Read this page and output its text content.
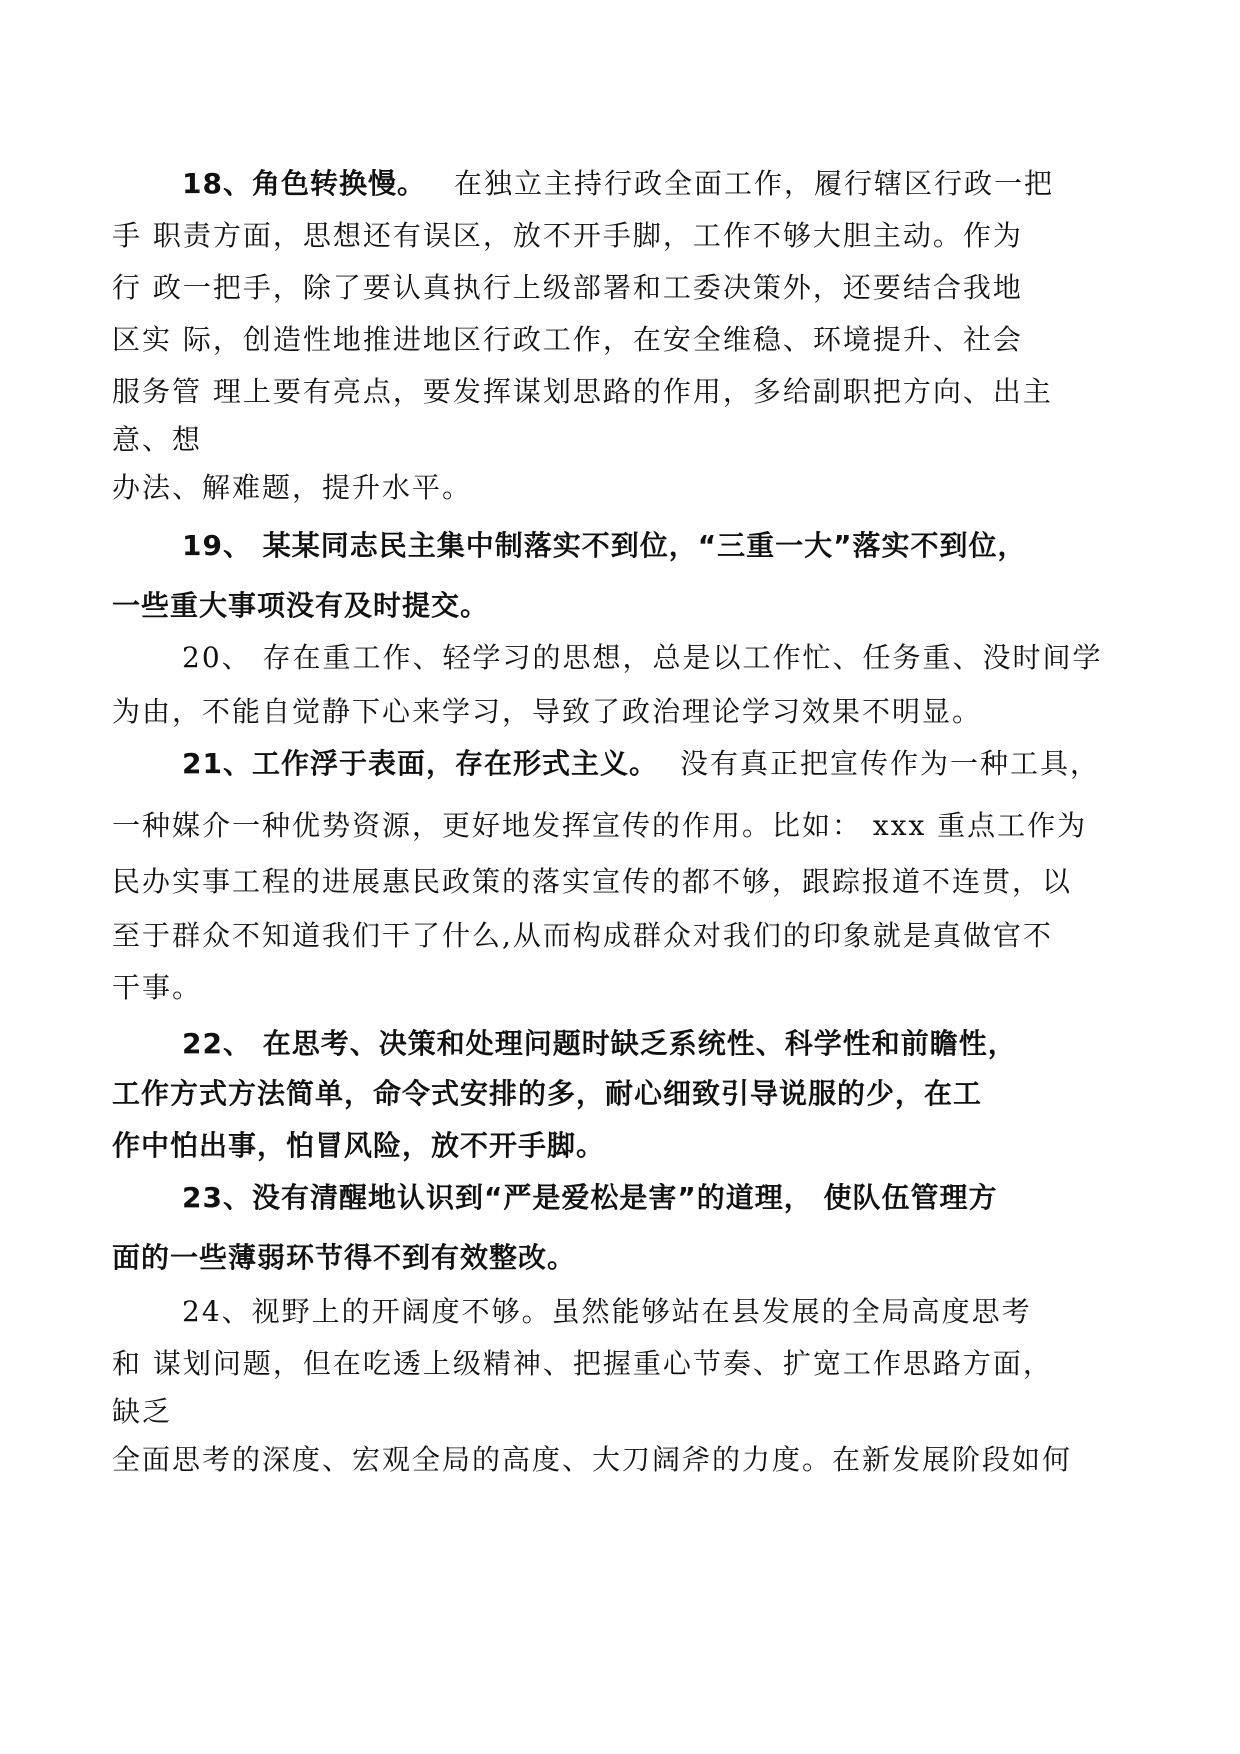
18、角色转换慢。 在独立主持行政全面工作，履行辖区行政一把
手 职责方面，思想还有误区，放不开手脚，工作不够大胆主动。作为
行 政一把手，除了要认真执行上级部署和工委决策外，还要结合我地
区实 际，创造性地推进地区行政工作，在安全维稳、环境提升、社会
服务管 理上要有亮点，要发挥谋划思路的作用，多给副职把方向、出主
意、想
办法、解难题，提升水平。
19、 某某同志民主集中制落实不到位，“三重一大”落实不到位，
一些重大事项没有及时提交。
20、 存在重工作、轻学习的思想，总是以工作忙、任务重、没时间学
为由，不能自觉静下心来学习，导致了政治理论学习效果不明显。
21、工作浮于表面，存在形式主义。 没有真正把宣传作为一种工具，
一种媒介一种优势资源，更好地发挥宣传的作用。比如： xxx 重点工作为
民办实事工程的进展惠民政策的落实宣传的都不够，跟踪报道不连贯，以
至于群众不知道我们干了什么,从而构成群众对我们的印象就是真做官不
干事。
22、 在思考、决策和处理问题时缺乏系统性、科学性和前瞻性，
工作方式方法简单，命令式安排的多，耐心细致引导说服的少，在工
作中怕出事，怕冒风险，放不开手脚。
23、没有清醒地认识到“严是爱松是害”的道理， 使队伍管理方
面的一些薄弱环节得不到有效整改。
24、视野上的开阔度不够。虽然能够站在县发展的全局高度思考
和 谋划问题，但在吃透上级精神、把握重心节奏、扩宽工作思路方面，
缺乏
全面思考的深度、宏观全局的高度、大刀阔斧的力度。在新发展阶段如何
